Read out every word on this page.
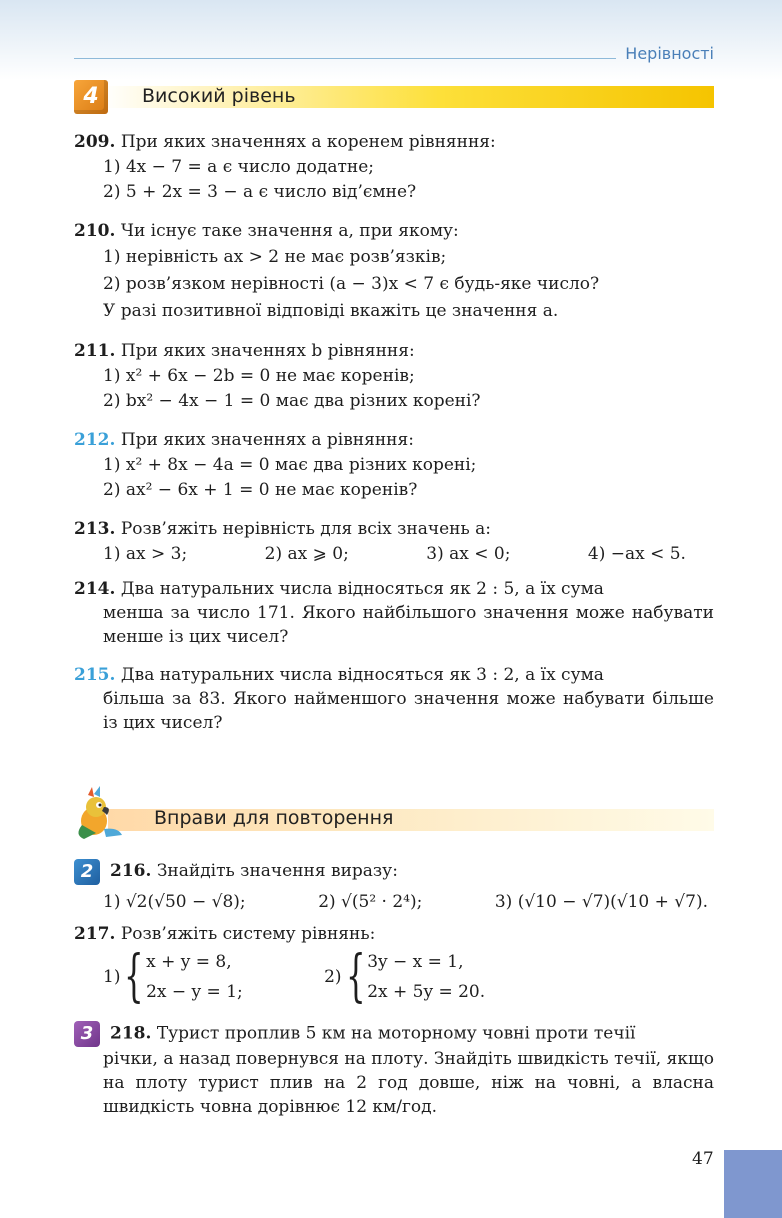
Нерівності
4	Високий рівень
209. При яких значеннях a коренем рівняння:
1) 4x − 7 = a є число додатне;
2) 5 + 2x = 3 − a є число від’ємне?
210. Чи існує таке значення a, при якому:
1) нерівність ax > 2 не має розв’язків;
2) розв’язком нерівності (a − 3)x < 7 є будь-яке число?
У разі позитивної відповіді вкажіть це значення a.
211. При яких значеннях b рівняння:
1) x² + 6x − 2b = 0 не має коренів;
2) bx² − 4x − 1 = 0 має два різних корені?
212. При яких значеннях a рівняння:
1) x² + 8x − 4a = 0 має два різних корені;
2) ax² − 6x + 1 = 0 не має коренів?
213. Розв’яжіть нерівність для всіх значень a:
1) ax > 3;	2) ax ⩾ 0;	3) ax < 0;	4) −ax < 5.
214. Два натуральних числа відносяться як 2 : 5, а їх сума
менша за число 171. Якого найбільшого значення може набувати менше із цих чисел?
215. Два натуральних числа відносяться як 3 : 2, а їх сума
більша за 83. Якого найменшого значення може набувати більше із цих чисел?
Вправи для повторення
2 216. Знайдіть значення виразу:
1) √2(√50 − √8);	2) √(5² · 2⁴);	3) (√10 − √7)(√10 + √7).
217. Розв’яжіть систему рівнянь:
1) { x + y = 8,
2x − y = 1;
2) { 3y − x = 1,
2x + 5y = 20.
3 218. Турист проплив 5 км на моторному човні проти течії
річки, а назад повернувся на плоту. Знайдіть швидкість течії, якщо на плоту турист плив на 2 год довше, ніж на човні, а власна швидкість човна дорівнює 12 км/год.
47
